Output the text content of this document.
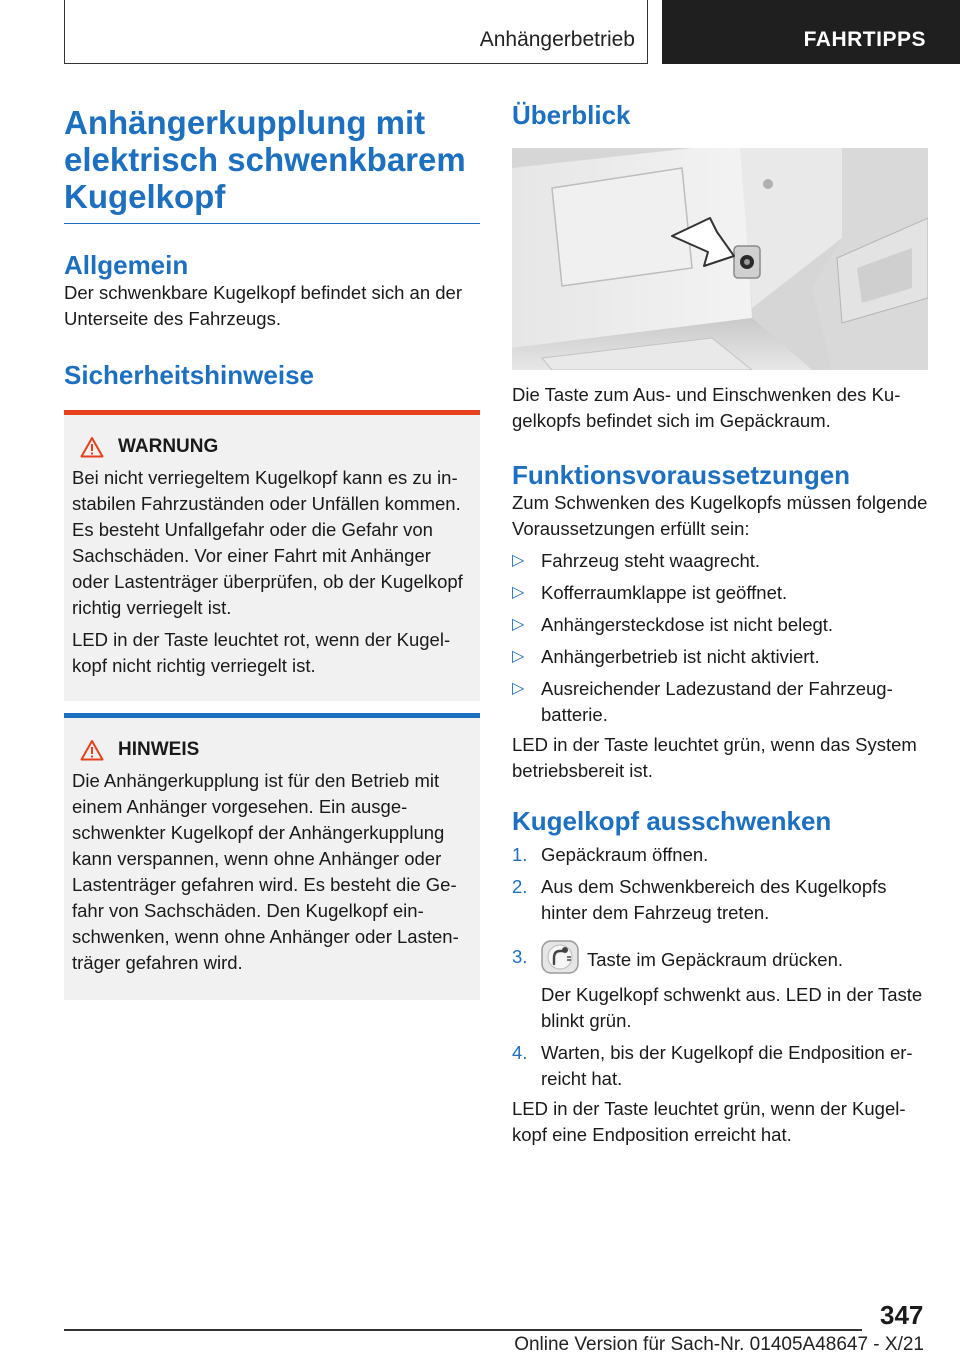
Anhängerbetrieb	FAHRTIPPS
Anhängerkupplung mit elektrisch schwenkbarem Kugelkopf
Allgemein

Der schwenkbare Kugelkopf befindet sich an der Unterseite des Fahrzeugs.

Sicherheitshinweise
WARNUNG

Bei nicht verriegeltem Kugelkopf kann es zu instabilen Fahrzuständen oder Unfällen kommen. Es besteht Unfallgefahr oder die Gefahr von Sachschäden. Vor einer Fahrt mit Anhänger oder Lastenträger überprüfen, ob der Kugelkopf richtig verriegelt ist.

LED in der Taste leuchtet rot, wenn der Kugelkopf nicht richtig verriegelt ist.

HINWEIS

Die Anhängerkupplung ist für den Betrieb mit einem Anhänger vorgesehen. Ein ausgeschwenkter Kugelkopf der Anhängerkupplung kann verspannen, wenn ohne Anhänger oder Lastenträger gefahren wird. Es besteht die Gefahr von Sachschäden. Den Kugelkopf einschwenken, wenn ohne Anhänger oder Lastenträger gefahren wird.

Überblick

Die Taste zum Aus- und Einschwenken des Kugelkopfs befindet sich im Gepäckraum.

Funktionsvoraussetzungen

Zum Schwenken des Kugelkopfs müssen folgende Voraussetzungen erfüllt sein:

▷ Fahrzeug steht waagrecht.
▷ Kofferraumklappe ist geöffnet.
▷ Anhängersteckdose ist nicht belegt.
▷ Anhängerbetrieb ist nicht aktiviert.
▷ Ausreichender Ladezustand der Fahrzeugbatterie.

LED in der Taste leuchtet grün, wenn das System betriebsbereit ist.

Kugelkopf ausschwenken
1. Gepäckraum öffnen.
2. Aus dem Schwenkbereich des Kugelkopfs hinter dem Fahrzeug treten.
3.	Taste im Gepäckraum drücken.
Der Kugelkopf schwenkt aus. LED in der Taste blinkt grün.
4. Warten, bis der Kugelkopf die Endposition erreicht hat.

LED in der Taste leuchtet grün, wenn der Kugelkopf eine Endposition erreicht hat.

347
Online Version für Sach-Nr. 01405A48647 - X/21
